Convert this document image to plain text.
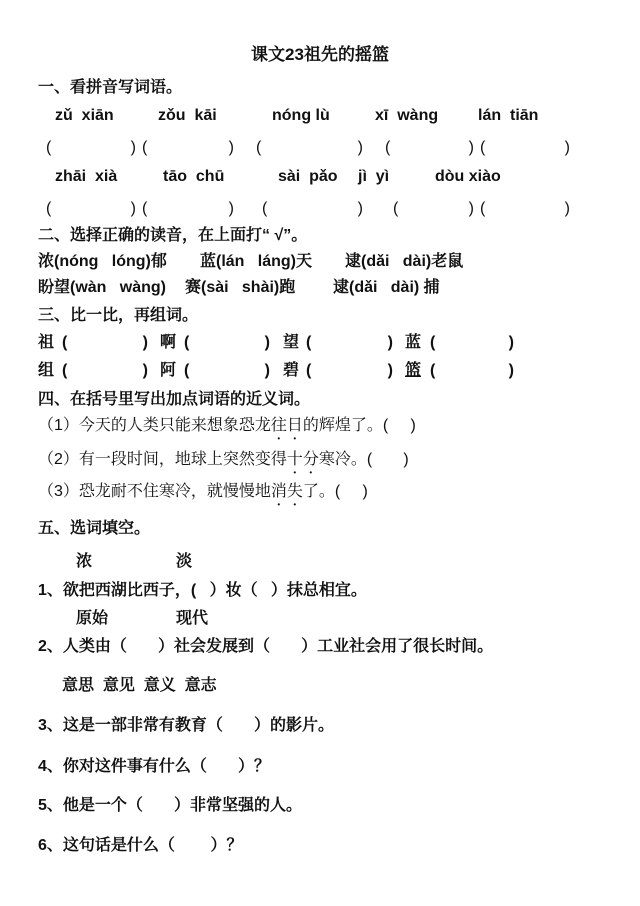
课文23祖先的摇篮
一、看拼音写词语。
zǔ  xiān	zǒu  kāi	nóng lù	xī  wàng	lán  tiān
(	) (	) (	) (	) (	)
zhāi  xià	tāo  chū	sài  pǎo	jì  yì	dòu xiào
(	) (	) (	) (	) (	)
二、选择正确的读音，在上面打“ √”。
浓(nóng   lóng)郁	蓝(lán   láng)天	逮(dǎi   dài)老鼠
盼望(wàn   wàng)	赛(sài   shài)跑	逮(dǎi   dài) 捕
三、比一比，再组词。
祖 (	) 啊 (	) 望 (	) 蓝 (	)
组 (	) 阿 (	) 碧 (	) 篮 (	)
四、在括号里写出加点词语的近义词。
（1）今天的人类只能来想象恐龙往日的辉煌了。(     )
（2）有一段时间，地球上突然变得十分寒冷。(       )
（3）恐龙耐不住寒冷，就慢慢地消失了。(     )
五、选词填空。
浓	淡
1、欲把西湖比西子，(   ）妆（   ）抹总相宜。
原始	现代
2、人类由（       ）社会发展到（       ）工业社会用了很长时间。
意思  意见  意义  意志
3、这是一部非常有教育（       ）的影片。
4、你对这件事有什么（       ）？
5、他是一个（       ）非常坚强的人。
6、这句话是什么（        ）？
